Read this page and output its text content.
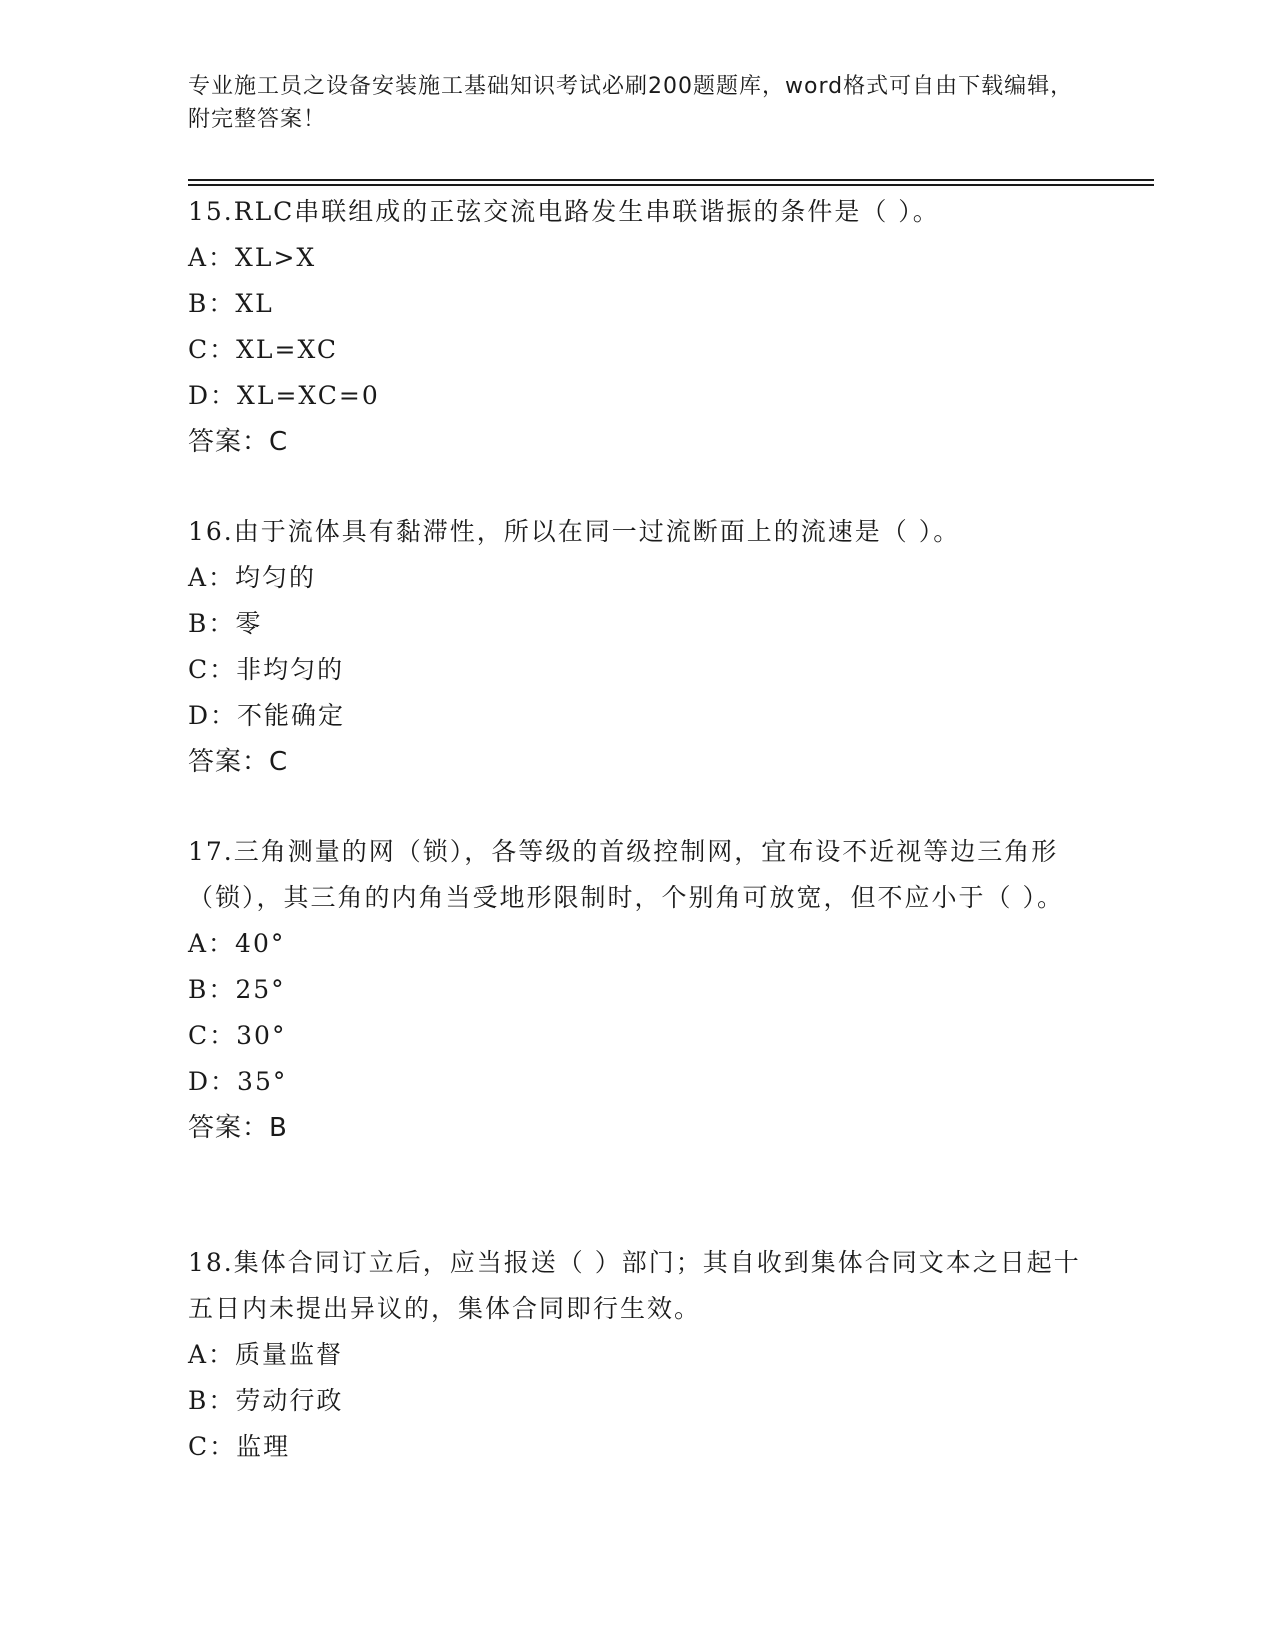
专业施工员之设备安装施工基础知识考试必刷200题题库，word格式可自由下载编辑，附完整答案！
15.RLC串联组成的正弦交流电路发生串联谐振的条件是（ ）。
A：XL>X
B：XL
C：XL=XC
D：XL=XC=0
答案：C
16.由于流体具有黏滞性，所以在同一过流断面上的流速是（ ）。
A：均匀的
B：零
C：非均匀的
D：不能确定
答案：C
17.三角测量的网（锁），各等级的首级控制网，宜布设不近视等边三角形（锁），其三角的内角当受地形限制时，个别角可放宽，但不应小于（ ）。
A：40°
B：25°
C：30°
D：35°
答案：B
18.集体合同订立后，应当报送（ ）部门；其自收到集体合同文本之日起十五日内未提出异议的，集体合同即行生效。
A：质量监督
B：劳动行政
C：监理
